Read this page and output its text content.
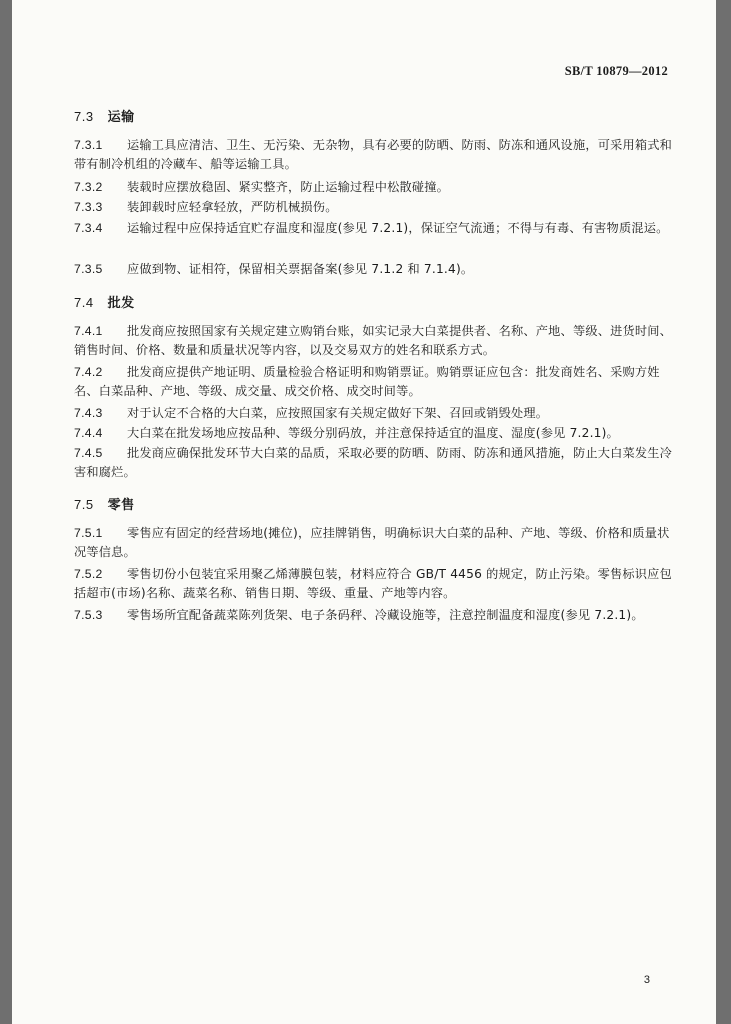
SB/T 10879—2012
7.3 运输
7.3.1 运输工具应清洁、卫生、无污染、无杂物，具有必要的防晒、防雨、防冻和通风设施，可采用箱式和带有制冷机组的冷藏车、船等运输工具。
7.3.2 装载时应摆放稳固、紧实整齐，防止运输过程中松散碰撞。
7.3.3 装卸载时应轻拿轻放，严防机械损伤。
7.3.4 运输过程中应保持适宜贮存温度和湿度(参见 7.2.1)，保证空气流通；不得与有毒、有害物质混运。
7.3.5 应做到物、证相符，保留相关票据备案(参见 7.1.2 和 7.1.4)。
7.4 批发
7.4.1 批发商应按照国家有关规定建立购销台账，如实记录大白菜提供者、名称、产地、等级、进货时间、销售时间、价格、数量和质量状况等内容，以及交易双方的姓名和联系方式。
7.4.2 批发商应提供产地证明、质量检验合格证明和购销票证。购销票证应包含：批发商姓名、采购方姓名、白菜品种、产地、等级、成交量、成交价格、成交时间等。
7.4.3 对于认定不合格的大白菜，应按照国家有关规定做好下架、召回或销毁处理。
7.4.4 大白菜在批发场地应按品种、等级分别码放，并注意保持适宜的温度、湿度(参见 7.2.1)。
7.4.5 批发商应确保批发环节大白菜的品质，采取必要的防晒、防雨、防冻和通风措施，防止大白菜发生冷害和腐烂。
7.5 零售
7.5.1 零售应有固定的经营场地(摊位)，应挂牌销售，明确标识大白菜的品种、产地、等级、价格和质量状况等信息。
7.5.2 零售切份小包装宜采用聚乙烯薄膜包装，材料应符合 GB/T 4456 的规定，防止污染。零售标识应包括超市(市场)名称、蔬菜名称、销售日期、等级、重量、产地等内容。
7.5.3 零售场所宜配备蔬菜陈列货架、电子条码秤、冷藏设施等，注意控制温度和湿度(参见 7.2.1)。
3
